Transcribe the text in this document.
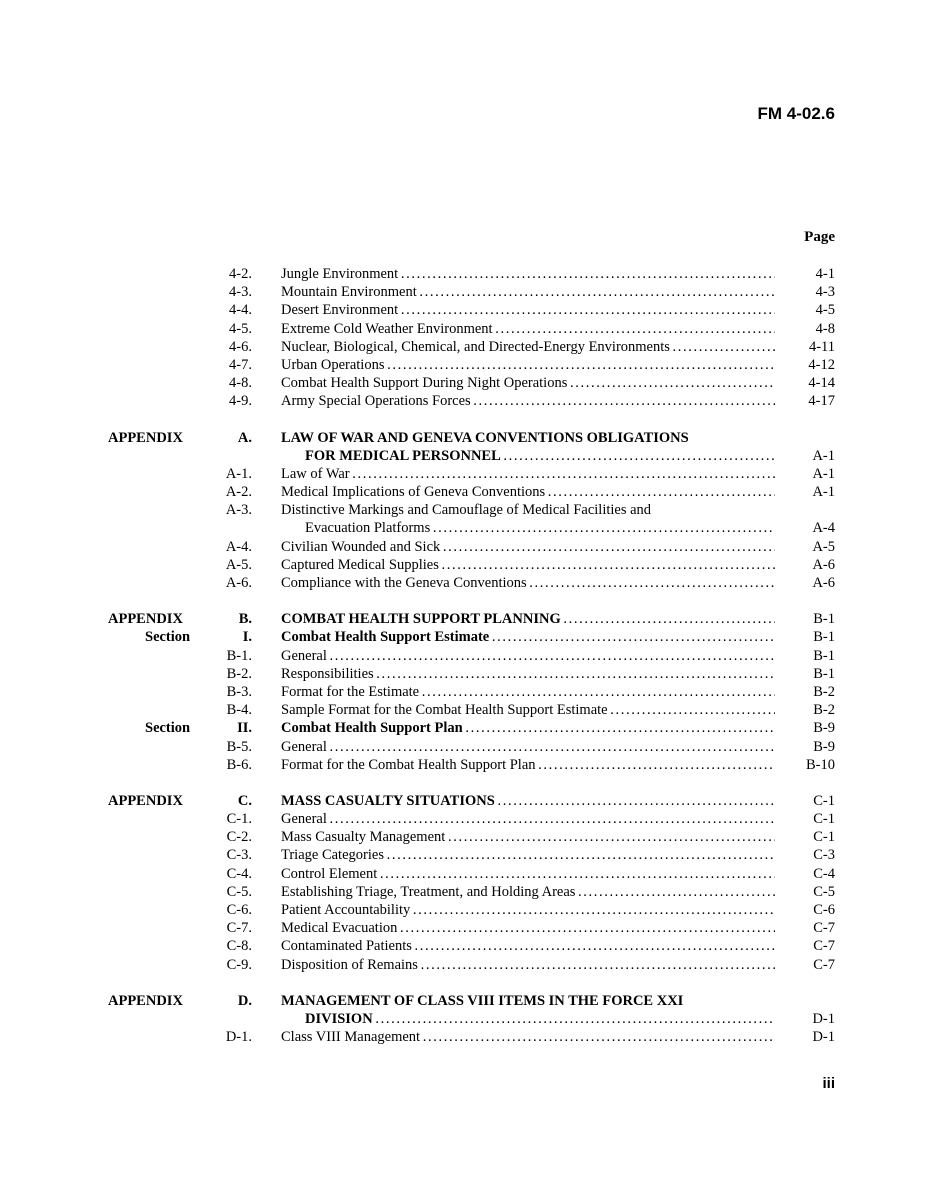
FM 4-02.6
Page
4-2. Jungle Environment . . .	4-1
4-3. Mountain Environment . . .	4-3
4-4. Desert Environment . . .	4-5
4-5. Extreme Cold Weather Environment . . .	4-8
4-6. Nuclear, Biological, Chemical, and Directed-Energy Environments . . .	4-11
4-7. Urban Operations . . .	4-12
4-8. Combat Health Support During Night Operations . . .	4-14
4-9. Army Special Operations Forces . . .	4-17
APPENDIX	A. LAW OF WAR AND GENEVA CONVENTIONS OBLIGATIONS
FOR MEDICAL PERSONNEL . . .	A-1
A-1. Law of War . . .	A-1
A-2. Medical Implications of Geneva Conventions . . .	A-1
A-3. Distinctive Markings and Camouflage of Medical Facilities and
Evacuation Platforms . . .	A-4
A-4. Civilian Wounded and Sick . . .	A-5
A-5. Captured Medical Supplies . . .	A-6
A-6. Compliance with the Geneva Conventions . . .	A-6
APPENDIX	B. COMBAT HEALTH SUPPORT PLANNING . . .	B-1
Section	I. Combat Health Support Estimate . . .	B-1
B-1. General . . .	B-1
B-2. Responsibilities . . .	B-1
B-3. Format for the Estimate . . .	B-2
B-4. Sample Format for the Combat Health Support Estimate . . .	B-2
Section	II. Combat Health Support Plan . . .	B-9
B-5. General . . .	B-9
B-6. Format for the Combat Health Support Plan . . .	B-10
APPENDIX	C. MASS CASUALTY SITUATIONS . . .	C-1
C-1. General . . .	C-1
C-2. Mass Casualty Management . . .	C-1
C-3. Triage Categories . . .	C-3
C-4. Control Element . . .	C-4
C-5. Establishing Triage, Treatment, and Holding Areas . . .	C-5
C-6. Patient Accountability . . .	C-6
C-7. Medical Evacuation . . .	C-7
C-8. Contaminated Patients . . .	C-7
C-9. Disposition of Remains . . .	C-7
APPENDIX	D. MANAGEMENT OF CLASS VIII ITEMS IN THE FORCE XXI
DIVISION . . .	D-1
D-1. Class VIII Management . . .	D-1
iii
